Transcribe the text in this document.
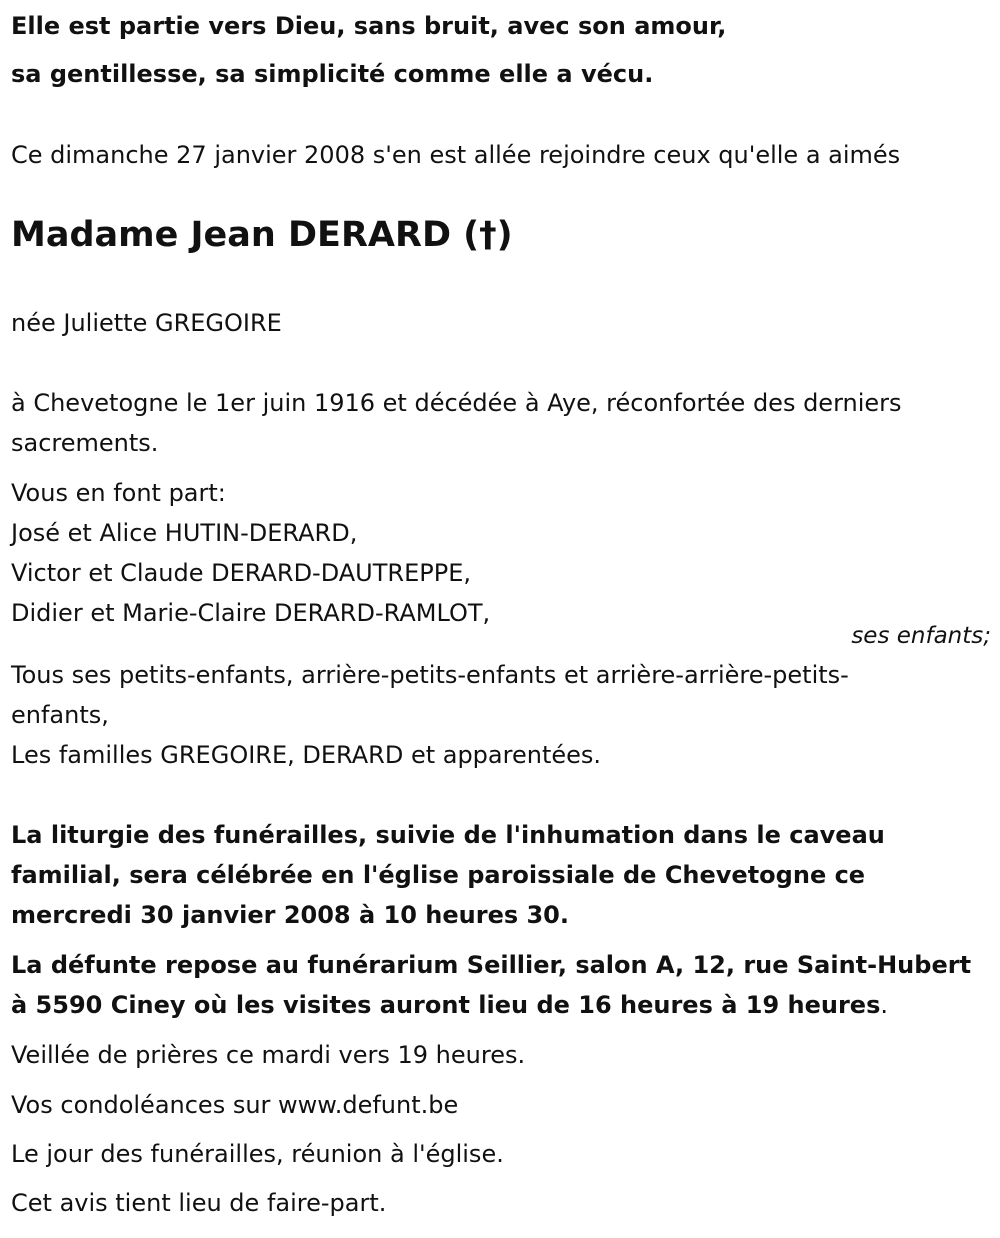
Elle est partie vers Dieu, sans bruit, avec son amour,
sa gentillesse, sa simplicité comme elle a vécu.
Ce dimanche 27 janvier 2008 s'en est allée rejoindre ceux qu'elle a aimés
Madame Jean DERARD (†)
née Juliette GREGOIRE
à Chevetogne le 1er juin 1916 et décédée à Aye, réconfortée des derniers
sacrements.
Vous en font part:
José et Alice HUTIN-DERARD,
Victor et Claude DERARD-DAUTREPPE,
Didier et Marie-Claire DERARD-RAMLOT,
ses enfants;
Tous ses petits-enfants, arrière-petits-enfants et arrière-arrière-petits-
enfants,
Les familles GREGOIRE, DERARD et apparentées.
La liturgie des funérailles, suivie de l'inhumation dans le caveau
familial, sera célébrée en l'église paroissiale de Chevetogne ce
mercredi 30 janvier 2008 à 10 heures 30.
La défunte repose au funérarium Seillier, salon A, 12, rue Saint-Hubert
à 5590 Ciney où les visites auront lieu de 16 heures à 19 heures.
Veillée de prières ce mardi vers 19 heures.
Vos condoléances sur www.defunt.be
Le jour des funérailles, réunion à l'église.
Cet avis tient lieu de faire-part.
